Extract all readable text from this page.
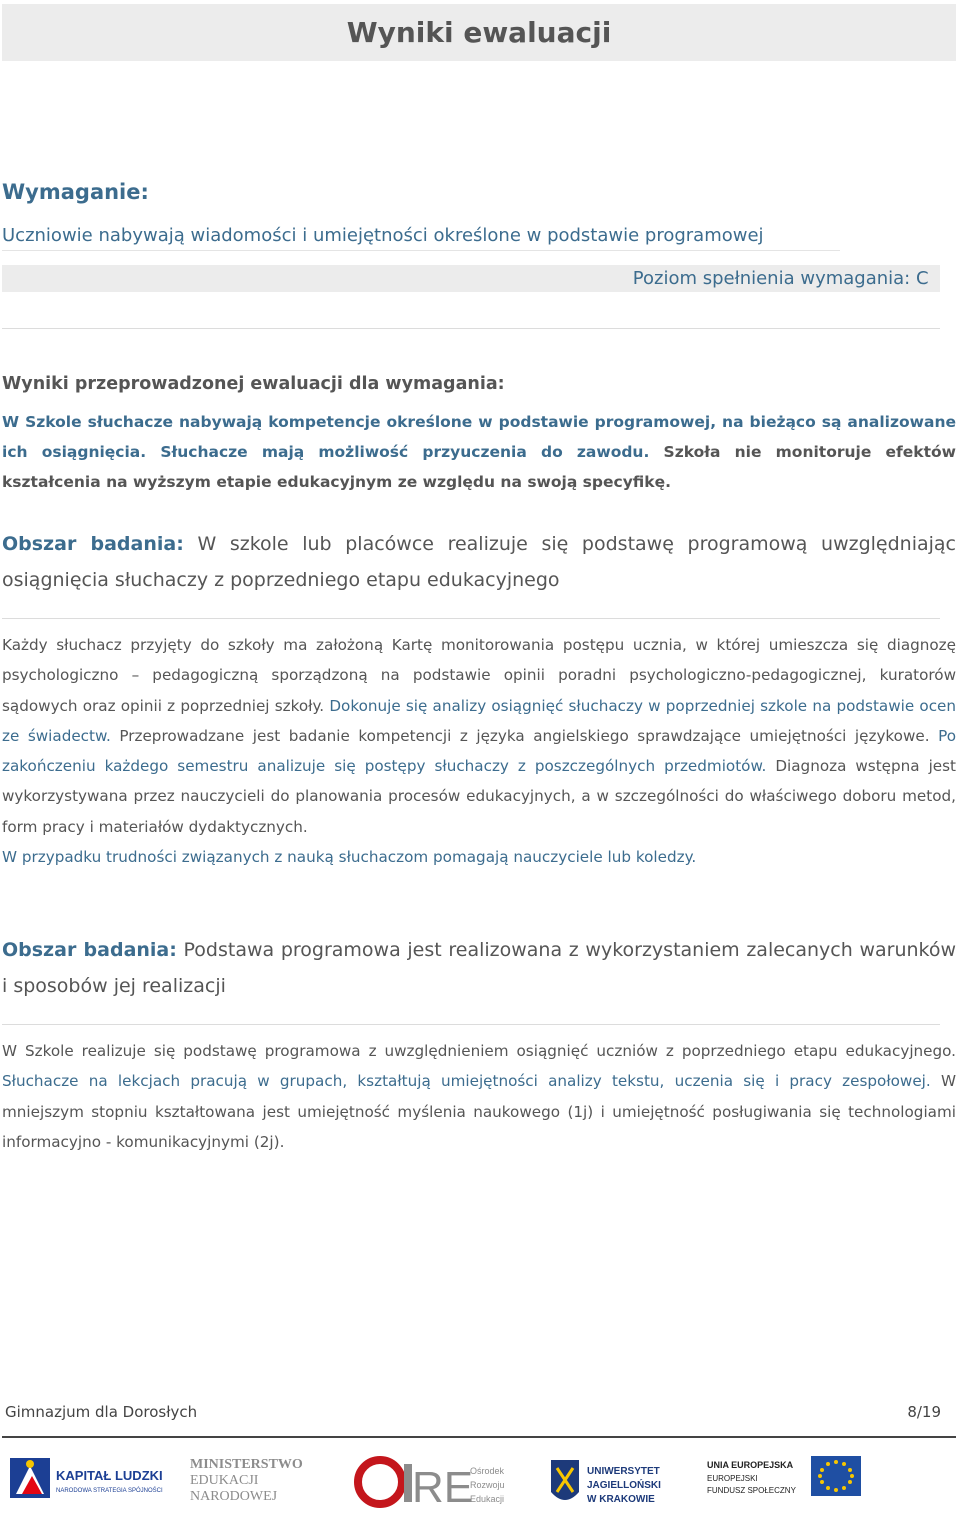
Wyniki ewaluacji
Wymaganie:
Uczniowie nabywają wiadomości i umiejętności określone w podstawie programowej
Poziom spełnienia wymagania: C
Wyniki przeprowadzonej ewaluacji dla wymagania:

W Szkole słuchacze nabywają kompetencje określone w podstawie programowej, na bieżąco są analizowane ich osiągnięcia. Słuchacze mają możliwość przyuczenia do zawodu. Szkoła nie monitoruje efektów kształcenia na wyższym etapie edukacyjnym ze względu na swoją specyfikę.

Obszar badania: W szkole lub placówce realizuje się podstawę programową uwzględniając osiągnięcia słuchaczy z poprzedniego etapu edukacyjnego

Każdy słuchacz przyjęty do szkoły ma założoną Kartę monitorowania postępu ucznia, w której umieszcza się diagnozę psychologiczno – pedagogiczną sporządzoną na podstawie opinii poradni psychologiczno-pedagogicznej, kuratorów sądowych oraz opinii z poprzedniej szkoły. Dokonuje się analizy osiągnięć słuchaczy w poprzedniej szkole na podstawie ocen ze świadectw. Przeprowadzane jest badanie kompetencji z języka angielskiego sprawdzające umiejętności językowe. Po zakończeniu każdego semestru analizuje się postępy słuchaczy z poszczególnych przedmiotów. Diagnoza wstępna jest wykorzystywana przez nauczycieli do planowania procesów edukacyjnych, a w szczególności do właściwego doboru metod, form pracy i materiałów dydaktycznych.
W przypadku trudności związanych z nauką słuchaczom pomagają nauczyciele lub koledzy.

Obszar badania: Podstawa programowa jest realizowana z wykorzystaniem zalecanych warunków i sposobów jej realizacji

W Szkole realizuje się podstawę programowa z uwzględnieniem osiągnięć uczniów z poprzedniego etapu edukacyjnego. Słuchacze na lekcjach pracują w grupach, kształtują umiejętności analizy tekstu, uczenia się i pracy zespołowej. W mniejszym stopniu kształtowana jest umiejętność myślenia naukowego (1j) i umiejętność posługiwania się technologiami informacyjno - komunikacyjnymi (2j).

Gimnazjum dla Dorosłych	8/19
KAPITAŁ LUDZKI
NARODOWA STRATEGIA SPÓJNOŚCI
MINISTERSTWO
EDUKACJI
NARODOWEJ	RE
Ośrodek
Rozwoju
Edukacji
UNIWERSYTET
JAGIELLOŃSKI
W KRAKOWIE
UNIA EUROPEJSKA
EUROPEJSKI
FUNDUSZ SPOŁECZNY
